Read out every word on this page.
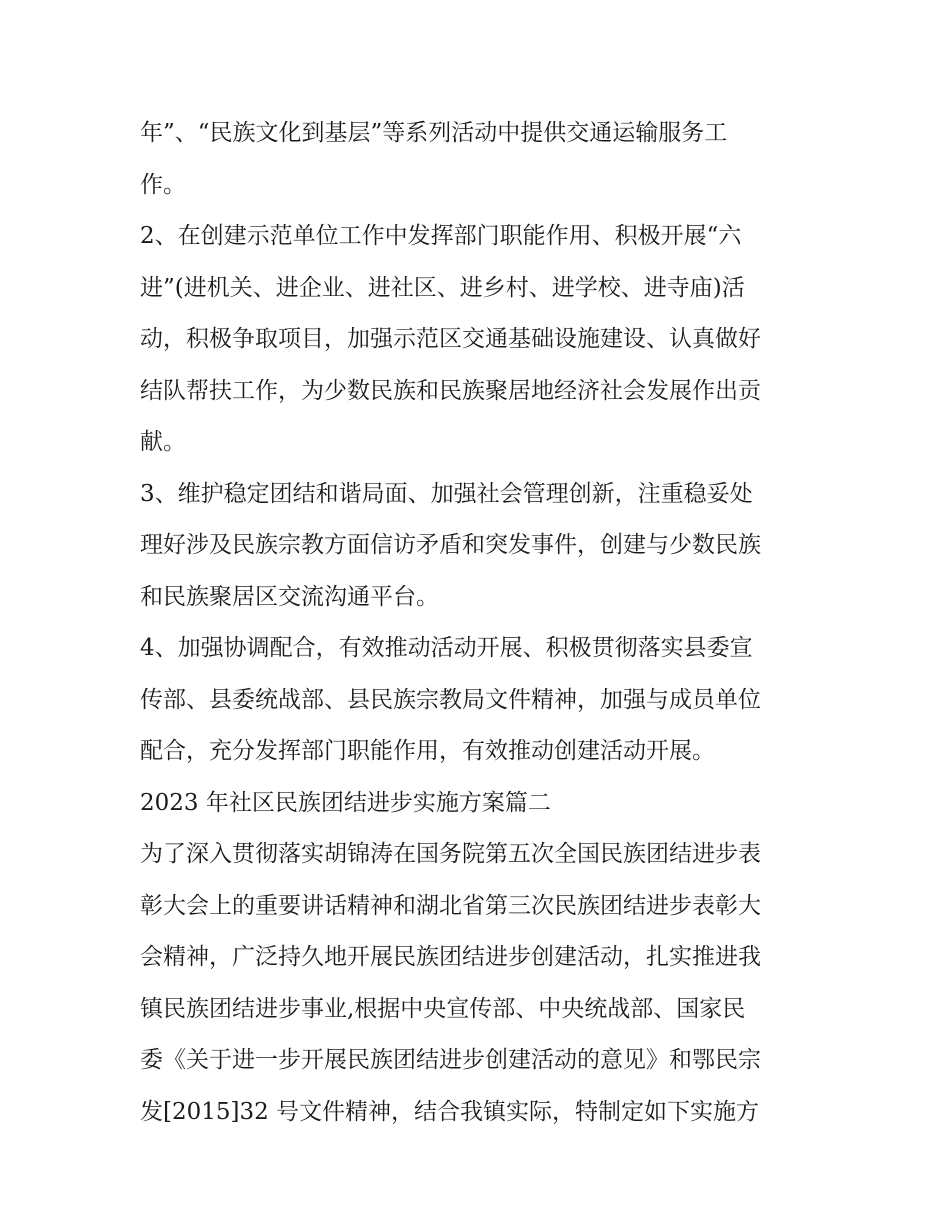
年”、“民族文化到基层”等系列活动中提供交通运输服务工
作。
2、在创建示范单位工作中发挥部门职能作用、积极开展“六
进”(进机关、进企业、进社区、进乡村、进学校、进寺庙)活
动，积极争取项目，加强示范区交通基础设施建设、认真做好
结队帮扶工作，为少数民族和民族聚居地经济社会发展作出贡
献。
3、维护稳定团结和谐局面、加强社会管理创新，注重稳妥处
理好涉及民族宗教方面信访矛盾和突发事件，创建与少数民族
和民族聚居区交流沟通平台。
4、加强协调配合，有效推动活动开展、积极贯彻落实县委宣
传部、县委统战部、县民族宗教局文件精神，加强与成员单位
配合，充分发挥部门职能作用，有效推动创建活动开展。
2023 年社区民族团结进步实施方案篇二
为了深入贯彻落实胡锦涛在国务院第五次全国民族团结进步表
彰大会上的重要讲话精神和湖北省第三次民族团结进步表彰大
会精神，广泛持久地开展民族团结进步创建活动，扎实推进我
镇民族团结进步事业,根据中央宣传部、中央统战部、国家民
委《关于进一步开展民族团结进步创建活动的意见》和鄂民宗
发[2015]32 号文件精神，结合我镇实际，特制定如下实施方
